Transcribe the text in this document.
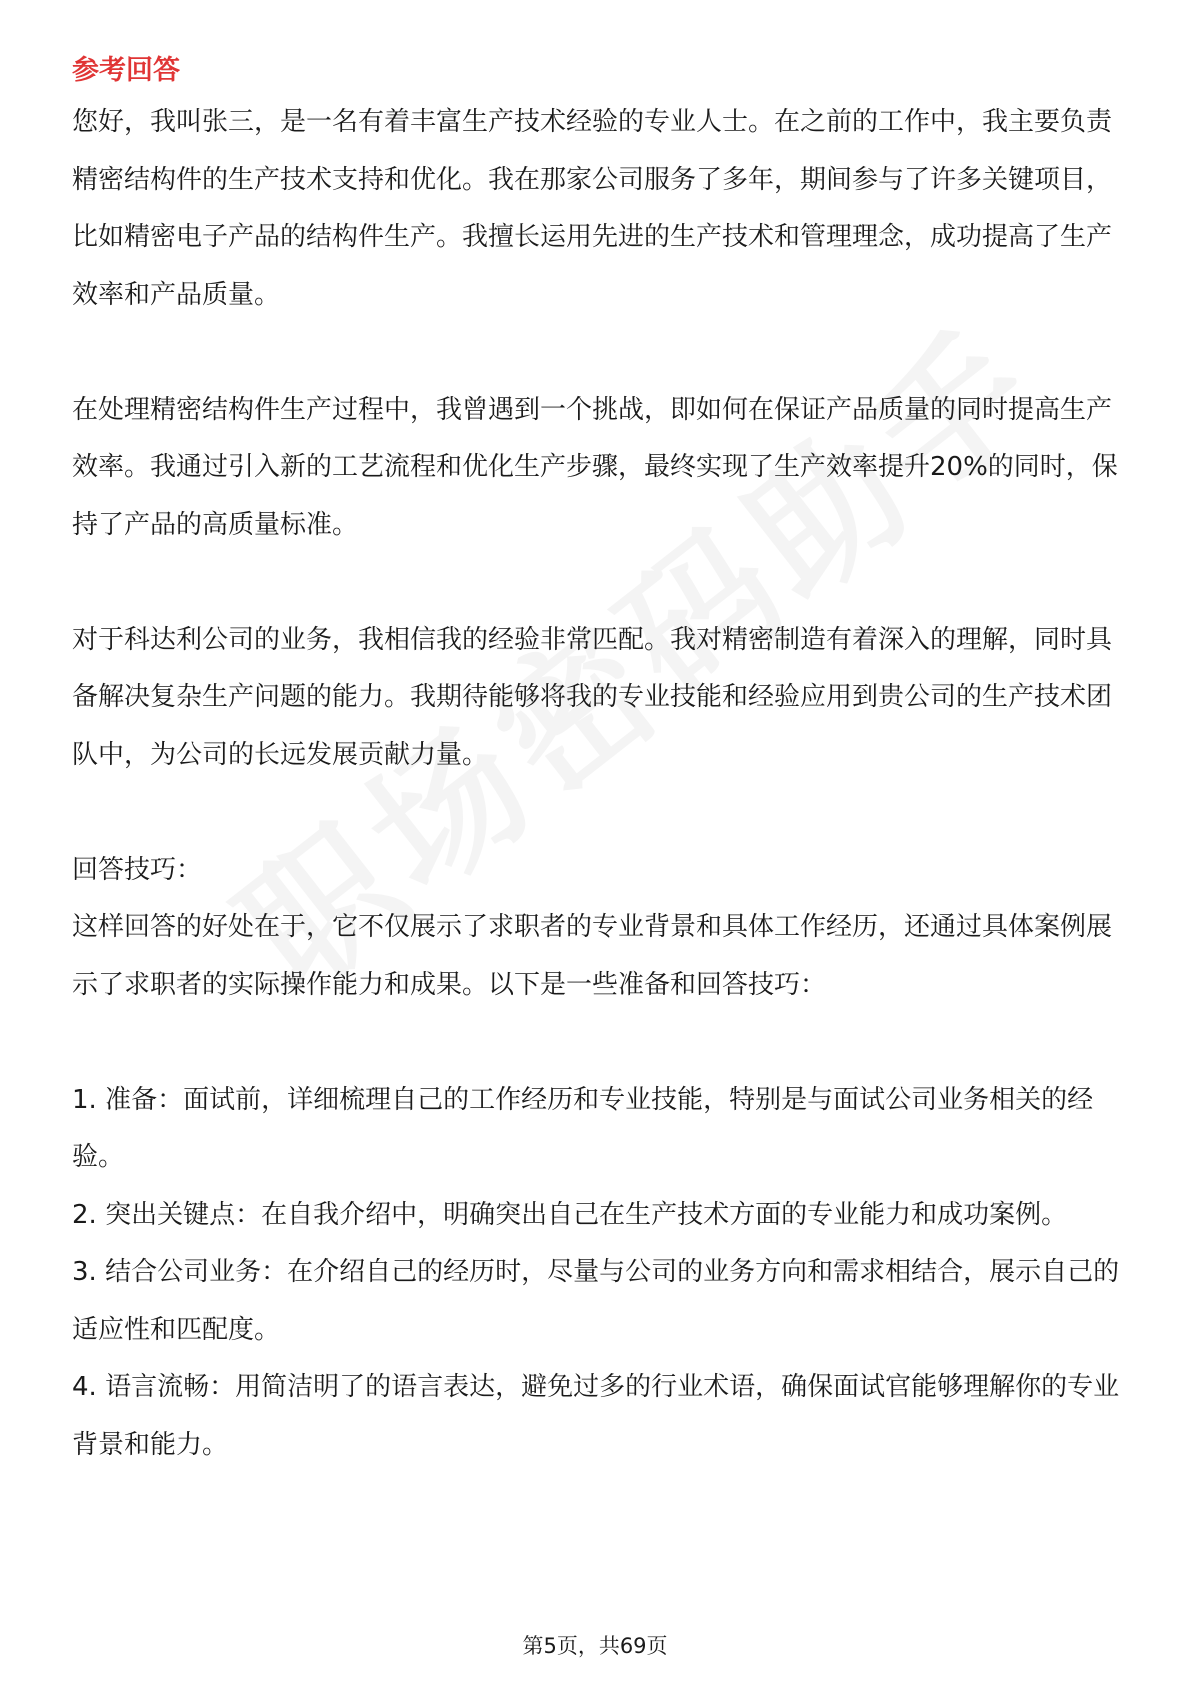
参考回答

您好，我叫张三，是一名有着丰富生产技术经验的专业人士。在之前的工作中，我主要负责精密结构件的生产技术支持和优化。我在那家公司服务了多年，期间参与了许多关键项目，比如精密电子产品的结构件生产。我擅长运用先进的生产技术和管理理念，成功提高了生产效率和产品质量。

在处理精密结构件生产过程中，我曾遇到一个挑战，即如何在保证产品质量的同时提高生产效率。我通过引入新的工艺流程和优化生产步骤，最终实现了生产效率提升20%的同时，保持了产品的高质量标准。

对于科达利公司的业务，我相信我的经验非常匹配。我对精密制造有着深入的理解，同时具备解决复杂生产问题的能力。我期待能够将我的专业技能和经验应用到贵公司的生产技术团队中，为公司的长远发展贡献力量。

回答技巧：

这样回答的好处在于，它不仅展示了求职者的专业背景和具体工作经历，还通过具体案例展示了求职者的实际操作能力和成果。以下是一些准备和回答技巧：

1. 准备：面试前，详细梳理自己的工作经历和专业技能，特别是与面试公司业务相关的经验。

2. 突出关键点：在自我介绍中，明确突出自己在生产技术方面的专业能力和成功案例。

3. 结合公司业务：在介绍自己的经历时，尽量与公司的业务方向和需求相结合，展示自己的适应性和匹配度。

4. 语言流畅：用简洁明了的语言表达，避免过多的行业术语，确保面试官能够理解你的专业背景和能力。

第5页，共69页
